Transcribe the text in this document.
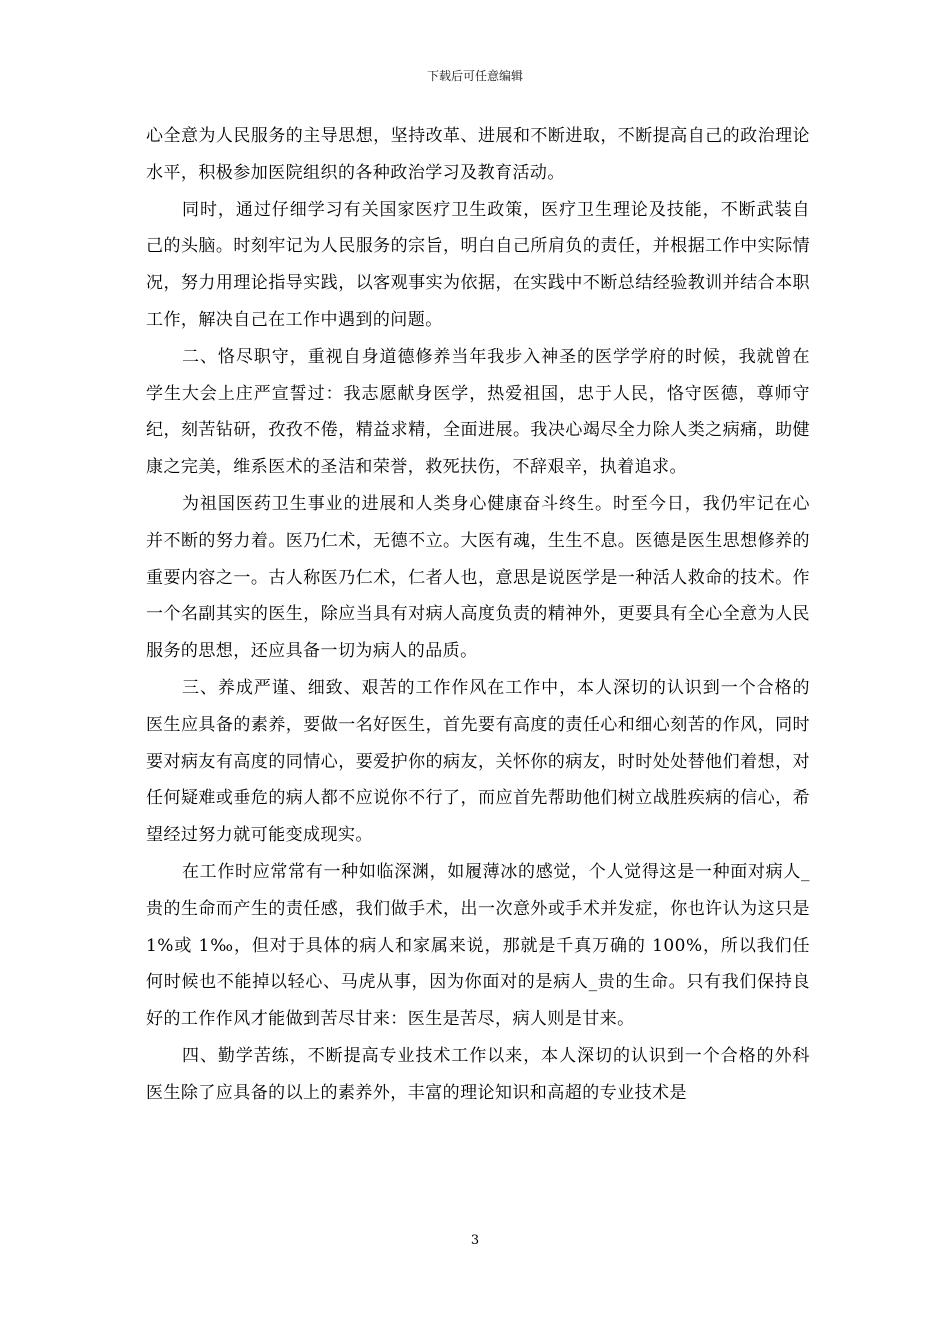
下载后可任意编辑

心全意为人民服务的主导思想，坚持改革、进展和不断进取，不断提高自己的政治理论水平，积极参加医院组织的各种政治学习及教育活动。

同时，通过仔细学习有关国家医疗卫生政策，医疗卫生理论及技能，不断武装自己的头脑。时刻牢记为人民服务的宗旨，明白自己所肩负的责任，并根据工作中实际情况，努力用理论指导实践，以客观事实为依据，在实践中不断总结经验教训并结合本职工作，解决自己在工作中遇到的问题。

二、恪尽职守，重视自身道德修养当年我步入神圣的医学学府的时候，我就曾在学生大会上庄严宣誓过：我志愿献身医学，热爱祖国，忠于人民，恪守医德，尊师守纪，刻苦钻研，孜孜不倦，精益求精，全面进展。我决心竭尽全力除人类之病痛，助健康之完美，维系医术的圣洁和荣誉，救死扶伤，不辞艰辛，执着追求。

为祖国医药卫生事业的进展和人类身心健康奋斗终生。时至今日，我仍牢记在心并不断的努力着。医乃仁术，无德不立。大医有魂，生生不息。医德是医生思想修养的重要内容之一。古人称医乃仁术，仁者人也，意思是说医学是一种活人救命的技术。作一个名副其实的医生，除应当具有对病人高度负责的精神外，更要具有全心全意为人民服务的思想，还应具备一切为病人的品质。

三、养成严谨、细致、艰苦的工作作风在工作中，本人深切的认识到一个合格的医生应具备的素养，要做一名好医生，首先要有高度的责任心和细心刻苦的作风，同时要对病友有高度的同情心，要爱护你的病友，关怀你的病友，时时处处替他们着想，对任何疑难或垂危的病人都不应说你不行了，而应首先帮助他们树立战胜疾病的信心，希望经过努力就可能变成现实。

在工作时应常常有一种如临深渊，如履薄冰的感觉，个人觉得这是一种面对病人_贵的生命而产生的责任感，我们做手术，出一次意外或手术并发症，你也许认为这只是 1%或 1‰，但对于具体的病人和家属来说，那就是千真万确的 100%，所以我们任何时候也不能掉以轻心、马虎从事，因为你面对的是病人_贵的生命。只有我们保持良好的工作作风才能做到苦尽甘来：医生是苦尽，病人则是甘来。

四、勤学苦练，不断提高专业技术工作以来，本人深切的认识到一个合格的外科医生除了应具备的以上的素养外，丰富的理论知识和高超的专业技术是

3
